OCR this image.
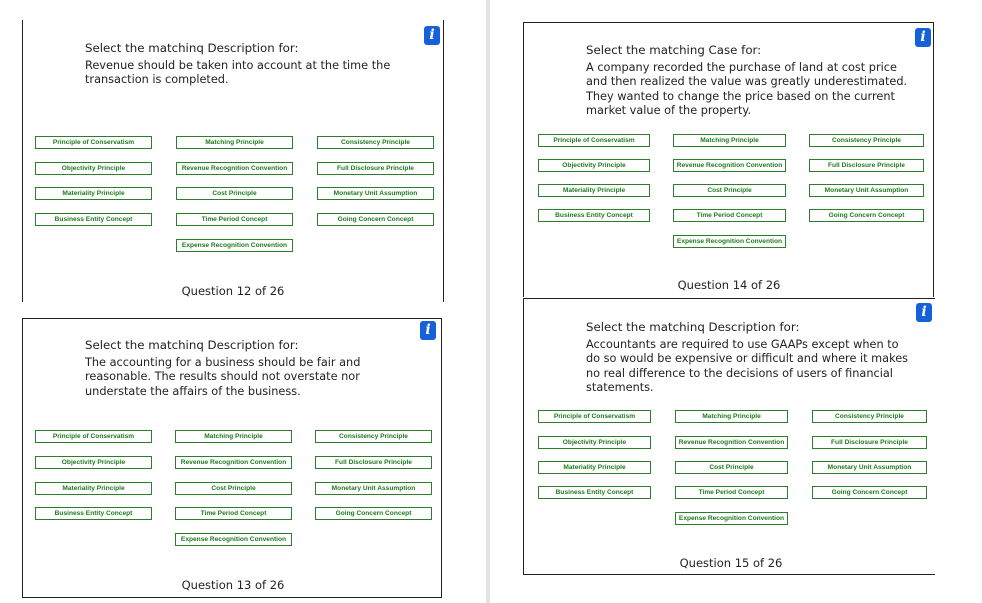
i
Select the matchinq Description for:
Revenue should be taken into account at the time the transaction is completed.
Principle of Conservatism
Objectivity Principle
Materiality Principle
Business Entity Concept
Matching Principle
Revenue Recognition Convention
Cost Principle
Time Period Concept
Expense Recognition Convention
Consistency Principle
Full Disclosure Principle
Monetary Unit Assumption
Going Concern Concept
Question 12 of 26
i
Select the matchinq Description for:
The accounting for a business should be fair and reasonable. The results should not overstate nor understate the affairs of the business.
Principle of Conservatism
Objectivity Principle
Materiality Principle
Business Entity Concept
Matching Principle
Revenue Recognition Convention
Cost Principle
Time Period Concept
Expense Recognition Convention
Consistency Principle
Full Disclosure Principle
Monetary Unit Assumption
Going Concern Concept
Question 13 of 26
i
Select the matching Case for:
A company recorded the purchase of land at cost price and then realized the value was greatly underestimated. They wanted to change the price based on the current market value of the property.
Principle of Conservatism
Objectivity Principle
Materiality Principle
Business Entity Concept
Matching Principle
Revenue Recognition Convention
Cost Principle
Time Period Concept
Expense Recognition Convention
Consistency Principle
Full Disclosure Principle
Monetary Unit Assumption
Going Concern Concept
Question 14 of 26
i
Select the matchinq Description for:
Accountants are required to use GAAPs except when to do so would be expensive or difficult and where it makes no real difference to the decisions of users of financial statements.
Principle of Conservatism
Objectivity Principle
Materiality Principle
Business Entity Concept
Matching Principle
Revenue Recognition Convention
Cost Principle
Time Period Concept
Expense Recognition Convention
Consistency Principle
Full Disclosure Principle
Monetary Unit Assumption
Going Concern Concept
Question 15 of 26
